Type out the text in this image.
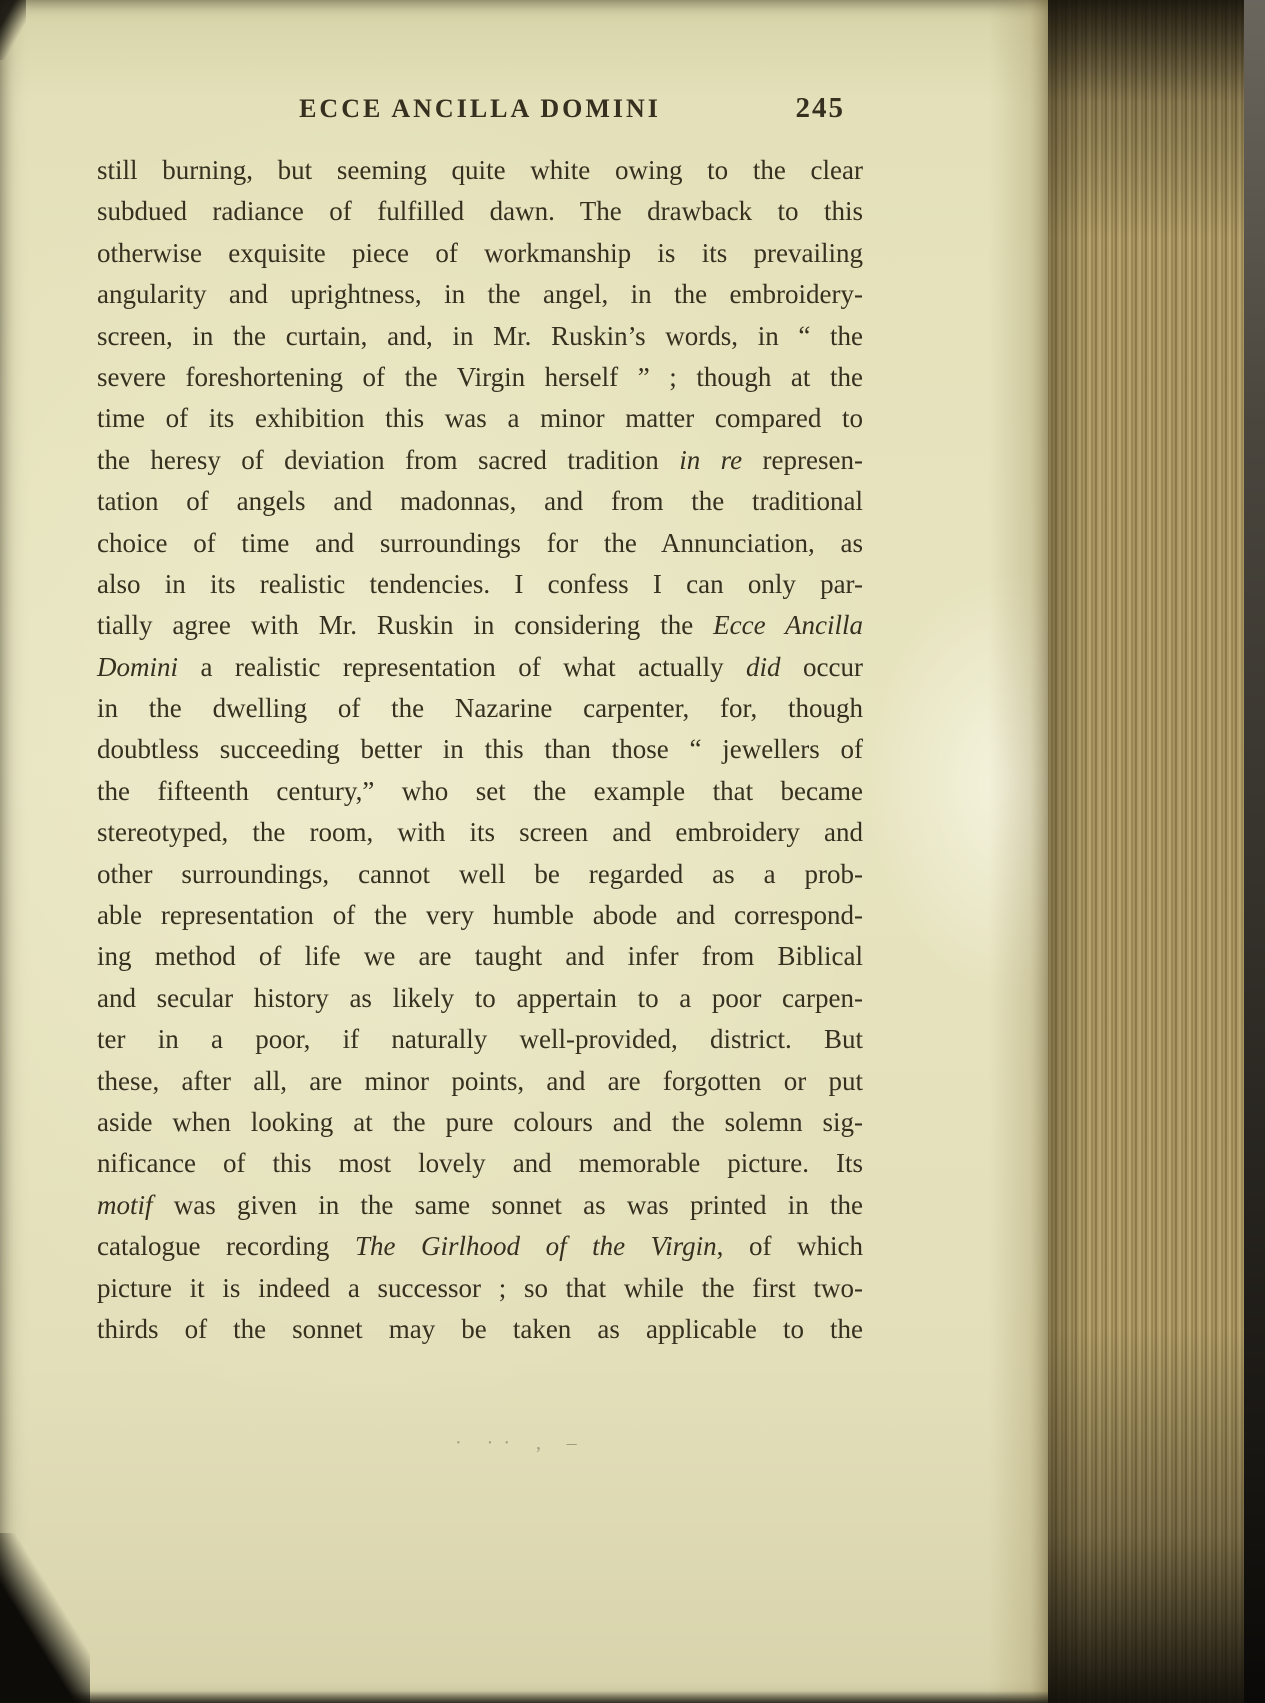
ECCE ANCILLA DOMINI	245
still burning, but seeming quite white owing to the clear
subdued radiance of fulfilled dawn. The drawback to this
otherwise exquisite piece of workmanship is its prevailing
angularity and uprightness, in the angel, in the embroidery-
screen, in the curtain, and, in Mr. Ruskin’s words, in “ the
severe foreshortening of the Virgin herself ” ; though at the
time of its exhibition this was a minor matter compared to
the heresy of deviation from sacred tradition in re represen-
tation of angels and madonnas, and from the traditional
choice of time and surroundings for the Annunciation, as
also in its realistic tendencies. I confess I can only par-
tially agree with Mr. Ruskin in considering the Ecce Ancilla
Domini a realistic representation of what actually did occur
in the dwelling of the Nazarine carpenter, for, though
doubtless succeeding better in this than those “ jewellers of
the fifteenth century,” who set the example that became
stereotyped, the room, with its screen and embroidery and
other surroundings, cannot well be regarded as a prob-
able representation of the very humble abode and correspond-
ing method of life we are taught and infer from Biblical
and secular history as likely to appertain to a poor carpen-
ter in a poor, if naturally well-provided, district. But
these, after all, are minor points, and are forgotten or put
aside when looking at the pure colours and the solemn sig-
nificance of this most lovely and memorable picture. Its
motif was given in the same sonnet as was printed in the
catalogue recording The Girlhood of the Virgin, of which
picture it is indeed a successor ; so that while the first two-
thirds of the sonnet may be taken as applicable to the
· ·· ‚ –
